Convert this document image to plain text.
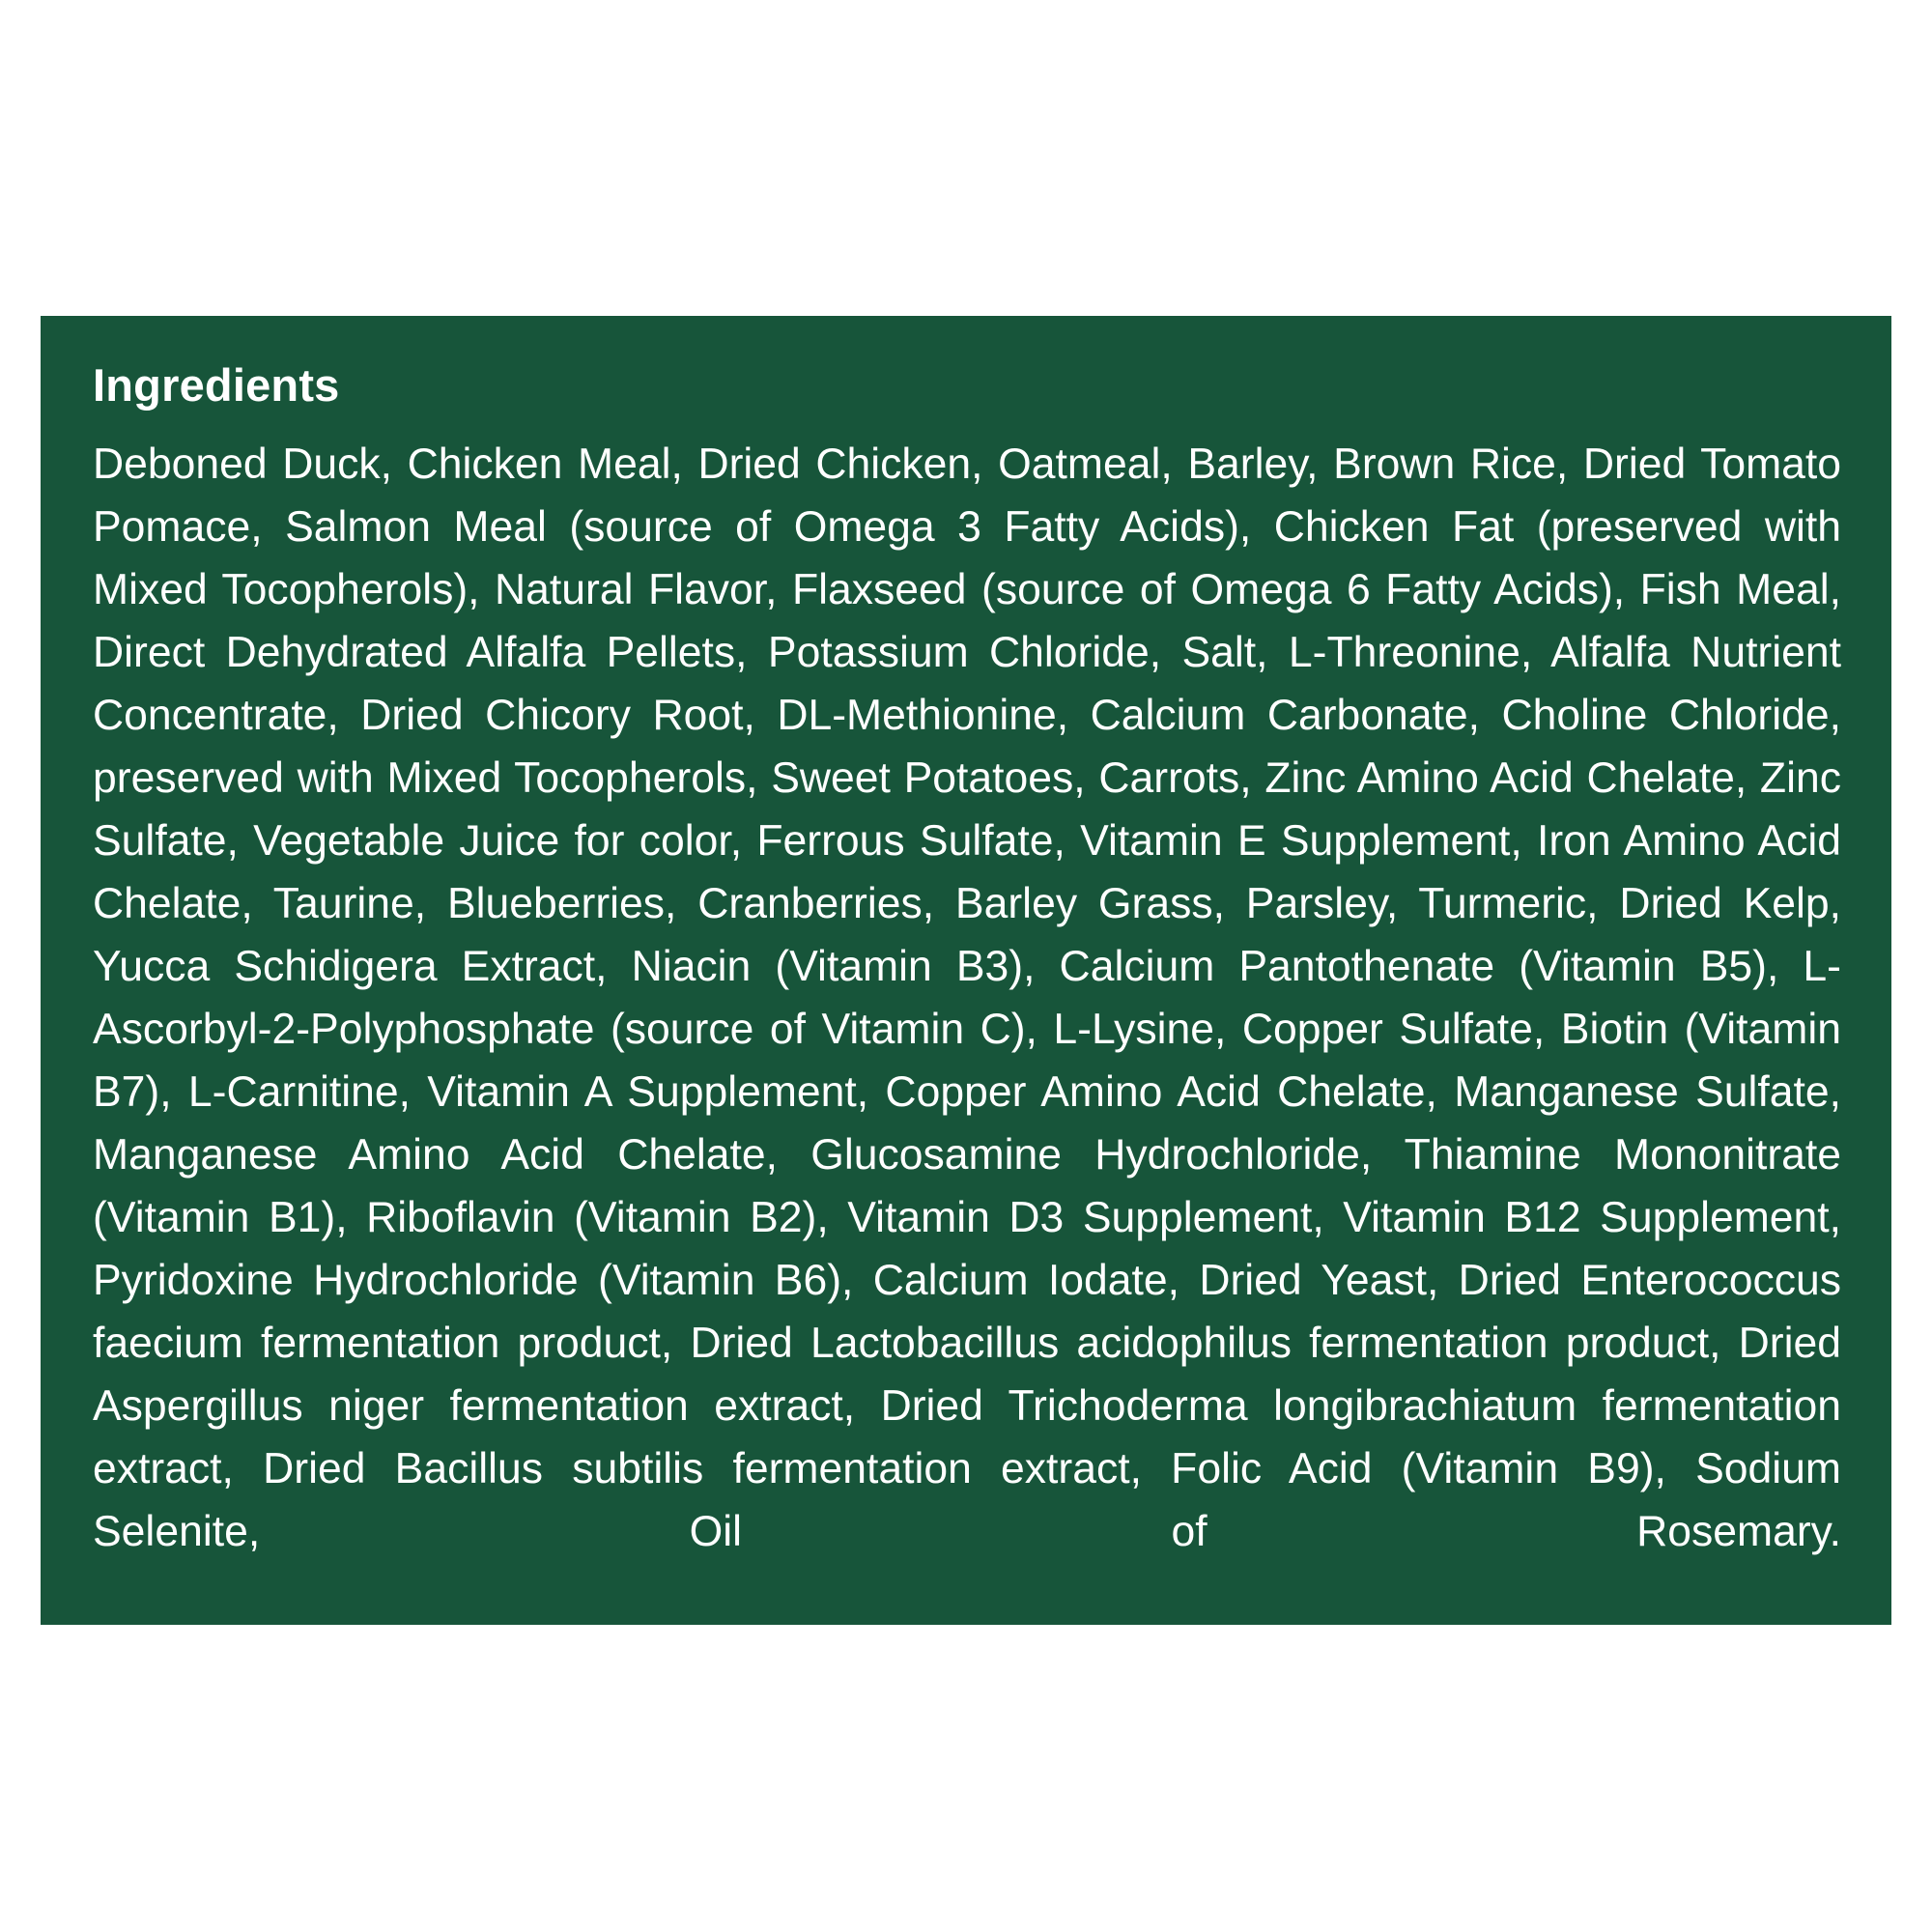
Ingredients

Deboned Duck, Chicken Meal, Dried Chicken, Oatmeal, Barley, Brown Rice, Dried Tomato Pomace, Salmon Meal (source of Omega 3 Fatty Acids), Chicken Fat (preserved with Mixed Tocopherols), Natural Flavor, Flaxseed (source of Omega 6 Fatty Acids), Fish Meal, Direct Dehydrated Alfalfa Pellets, Potassium Chloride, Salt, L-Threonine, Alfalfa Nutrient Concentrate, Dried Chicory Root, DL-Methionine, Calcium Carbonate, Choline Chloride, preserved with Mixed Tocopherols, Sweet Potatoes, Carrots, Zinc Amino Acid Chelate, Zinc Sulfate, Vegetable Juice for color, Ferrous Sulfate, Vitamin E Supplement, Iron Amino Acid Chelate, Taurine, Blueberries, Cranberries, Barley Grass, Parsley, Turmeric, Dried Kelp, Yucca Schidigera Extract, Niacin (Vitamin B3), Calcium Pantothenate (Vitamin B5), L-Ascorbyl-2-Polyphosphate (source of Vitamin C), L-Lysine, Copper Sulfate, Biotin (Vitamin B7), L-Carnitine, Vitamin A Supplement, Copper Amino Acid Chelate, Manganese Sulfate, Manganese Amino Acid Chelate, Glucosamine Hydrochloride, Thiamine Mononitrate (Vitamin B1), Riboflavin (Vitamin B2), Vitamin D3 Supplement, Vitamin B12 Supplement, Pyridoxine Hydrochloride (Vitamin B6), Calcium Iodate, Dried Yeast, Dried Enterococcus faecium fermentation product, Dried Lactobacillus acidophilus fermentation product, Dried Aspergillus niger fermentation extract, Dried Trichoderma longibrachiatum fermentation extract, Dried Bacillus subtilis fermentation extract, Folic Acid (Vitamin B9), Sodium Selenite, Oil of Rosemary.
